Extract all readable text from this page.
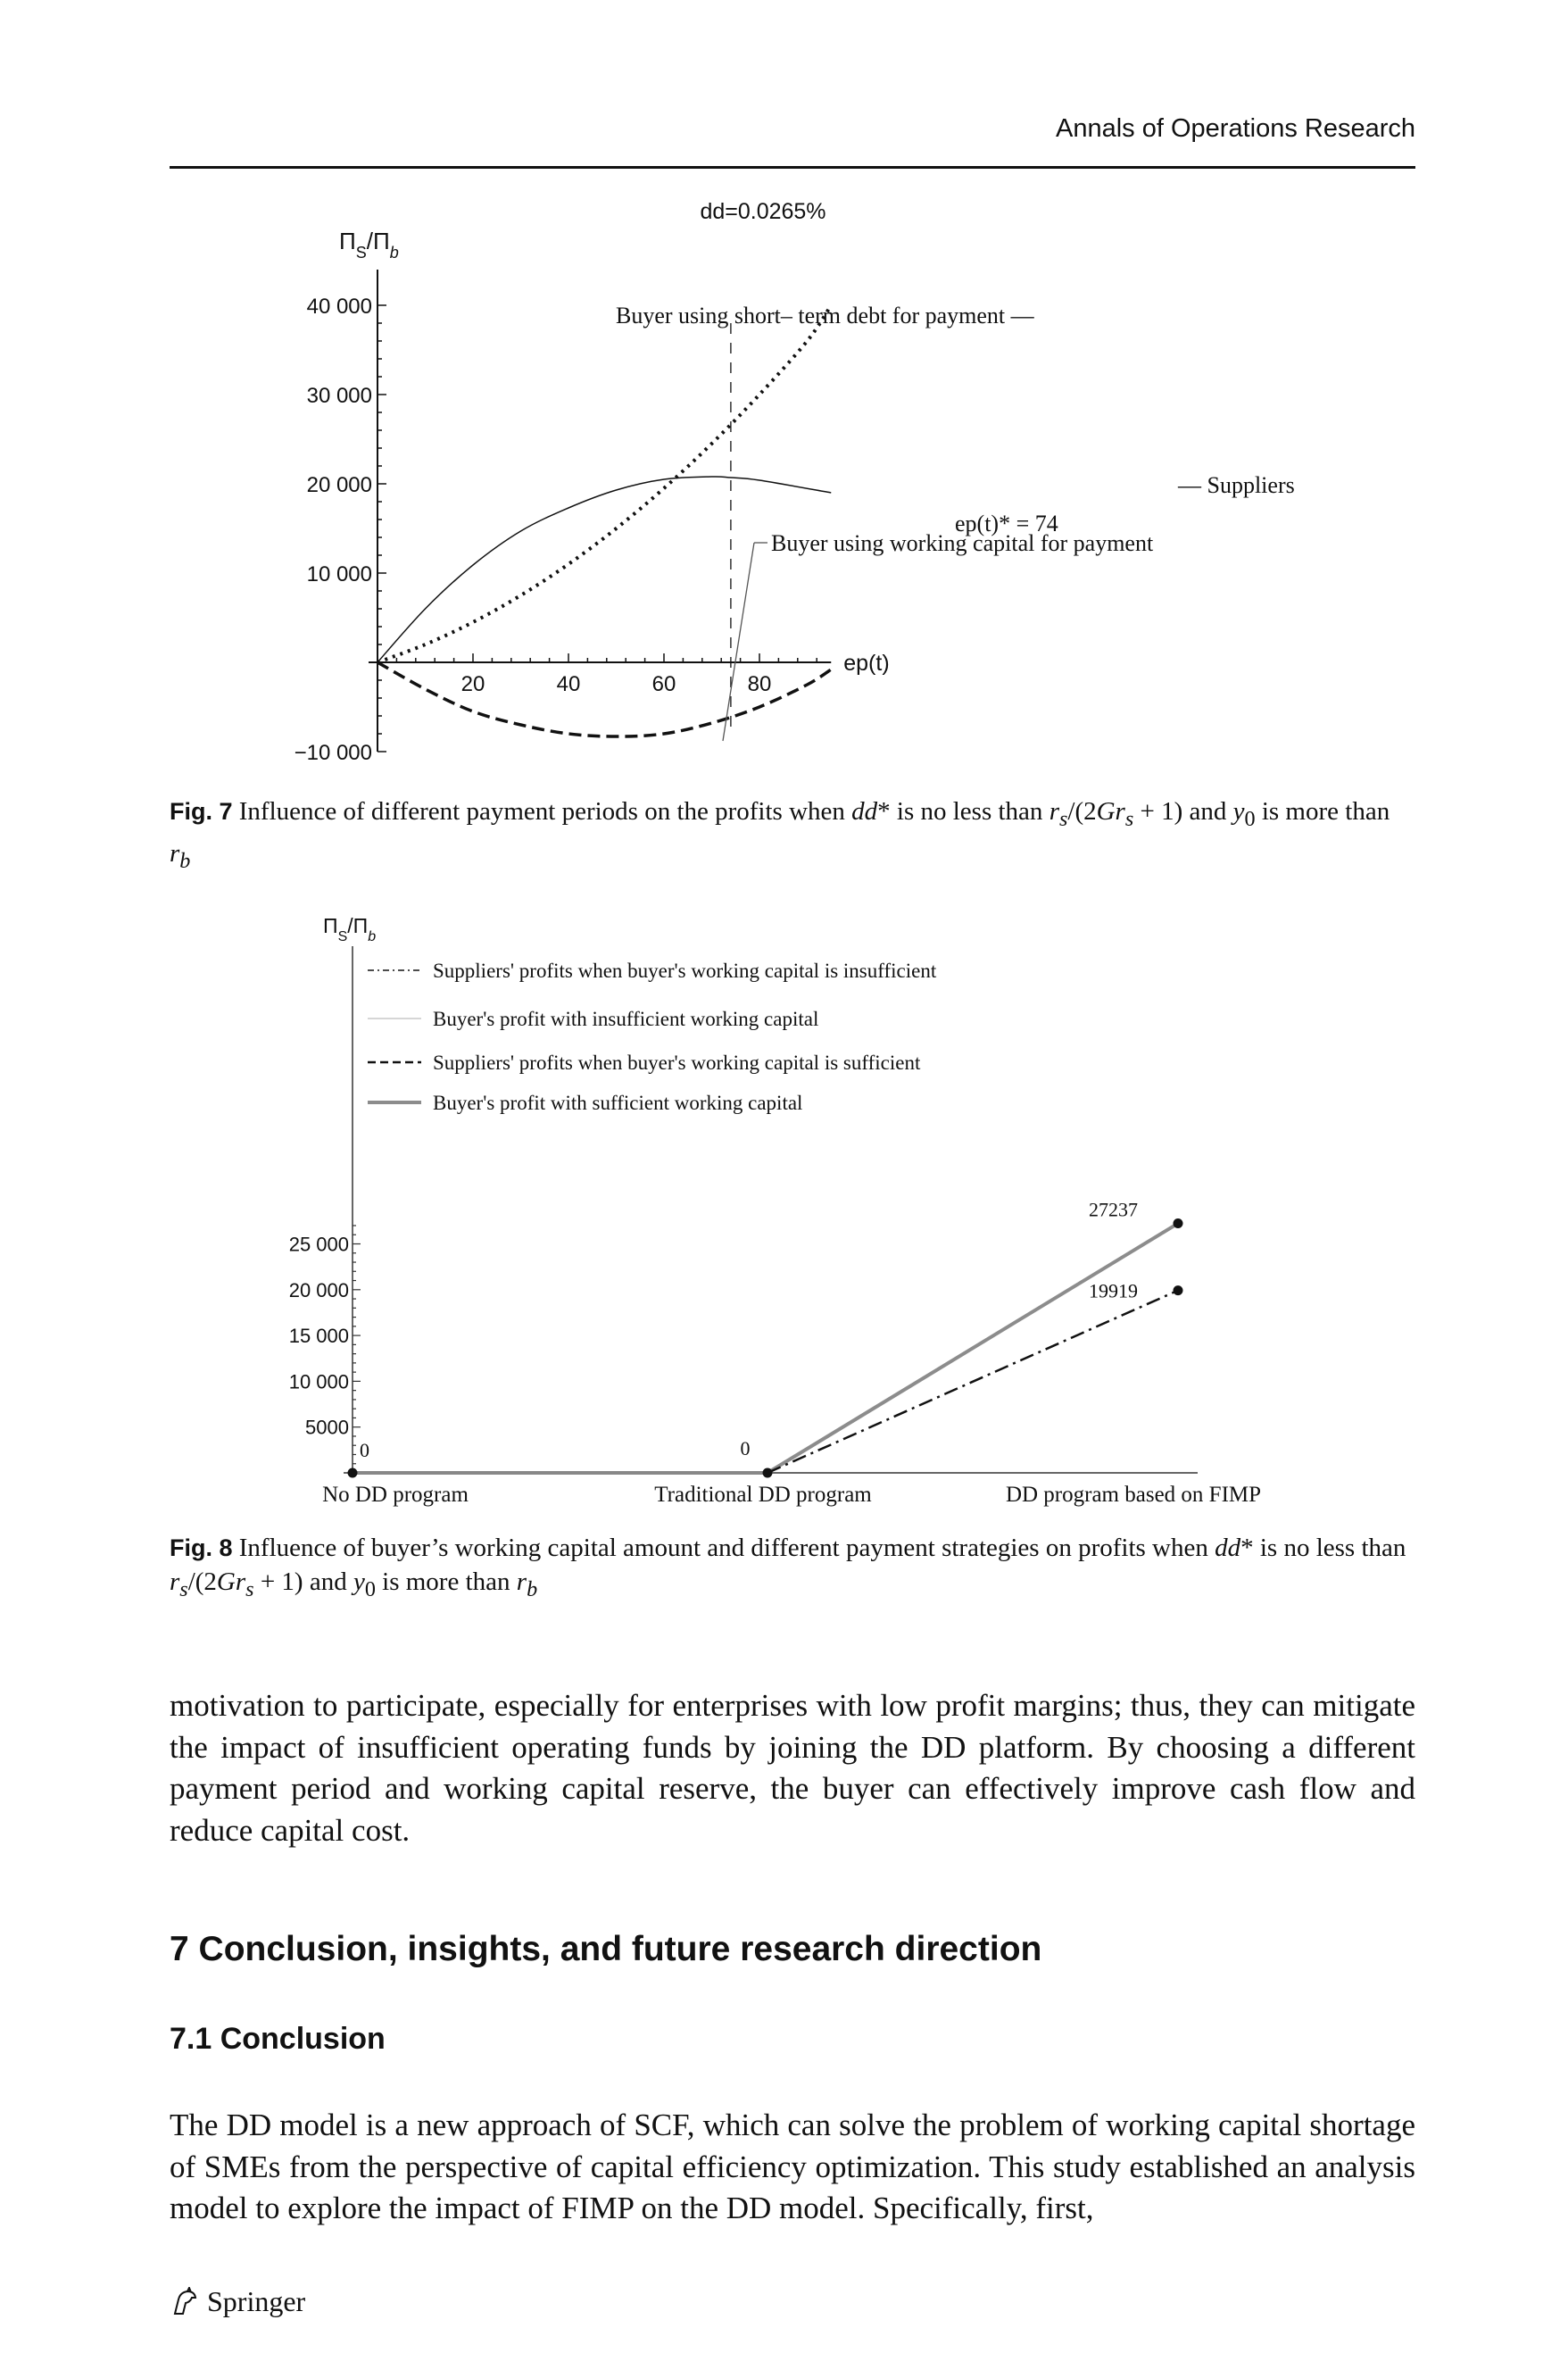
Annals of Operations Research
dd=0.0265%
$\Pi_S/\Pi_b$
−10 000
10 000
20 000
30 000
40 000
20	40	60	80
ep(t)
— Suppliers
Buyer using short– term debt for payment —
Buyer using working capital for payment
ep(t)* = 74
Fig. 7 Influence of different payment periods on the profits when dd* is no less than $r_s/(2Gr_s + 1)$ and $y_0$ is more than $r_b$
$\Pi_S/\Pi_b$
5000
10 000
15 000
20 000
25 000
No DD program	Traditional DD program	DD program based on FIMP
Suppliers' profits when buyer's working capital is insufficient
Buyer's profit with insufficient working capital
Suppliers' profits when buyer's working capital is sufficient
Buyer's profit with sufficient working capital
0	0
27237
19919
Fig. 8 Influence of buyer’s working capital amount and different payment strategies on profits when dd* is no less than $r_s/(2Gr_s + 1)$ and $y_0$ is more than $r_b$
motivation to participate, especially for enterprises with low profit margins; thus, they can mitigate the impact of insufficient operating funds by joining the DD platform. By choosing a different payment period and working capital reserve, the buyer can effectively improve cash flow and reduce capital cost.
7 Conclusion, insights, and future research direction
7.1 Conclusion
The DD model is a new approach of SCF, which can solve the problem of working capital shortage of SMEs from the perspective of capital efficiency optimization. This study established an analysis model to explore the impact of FIMP on the DD model. Specifically, first,
Springer
